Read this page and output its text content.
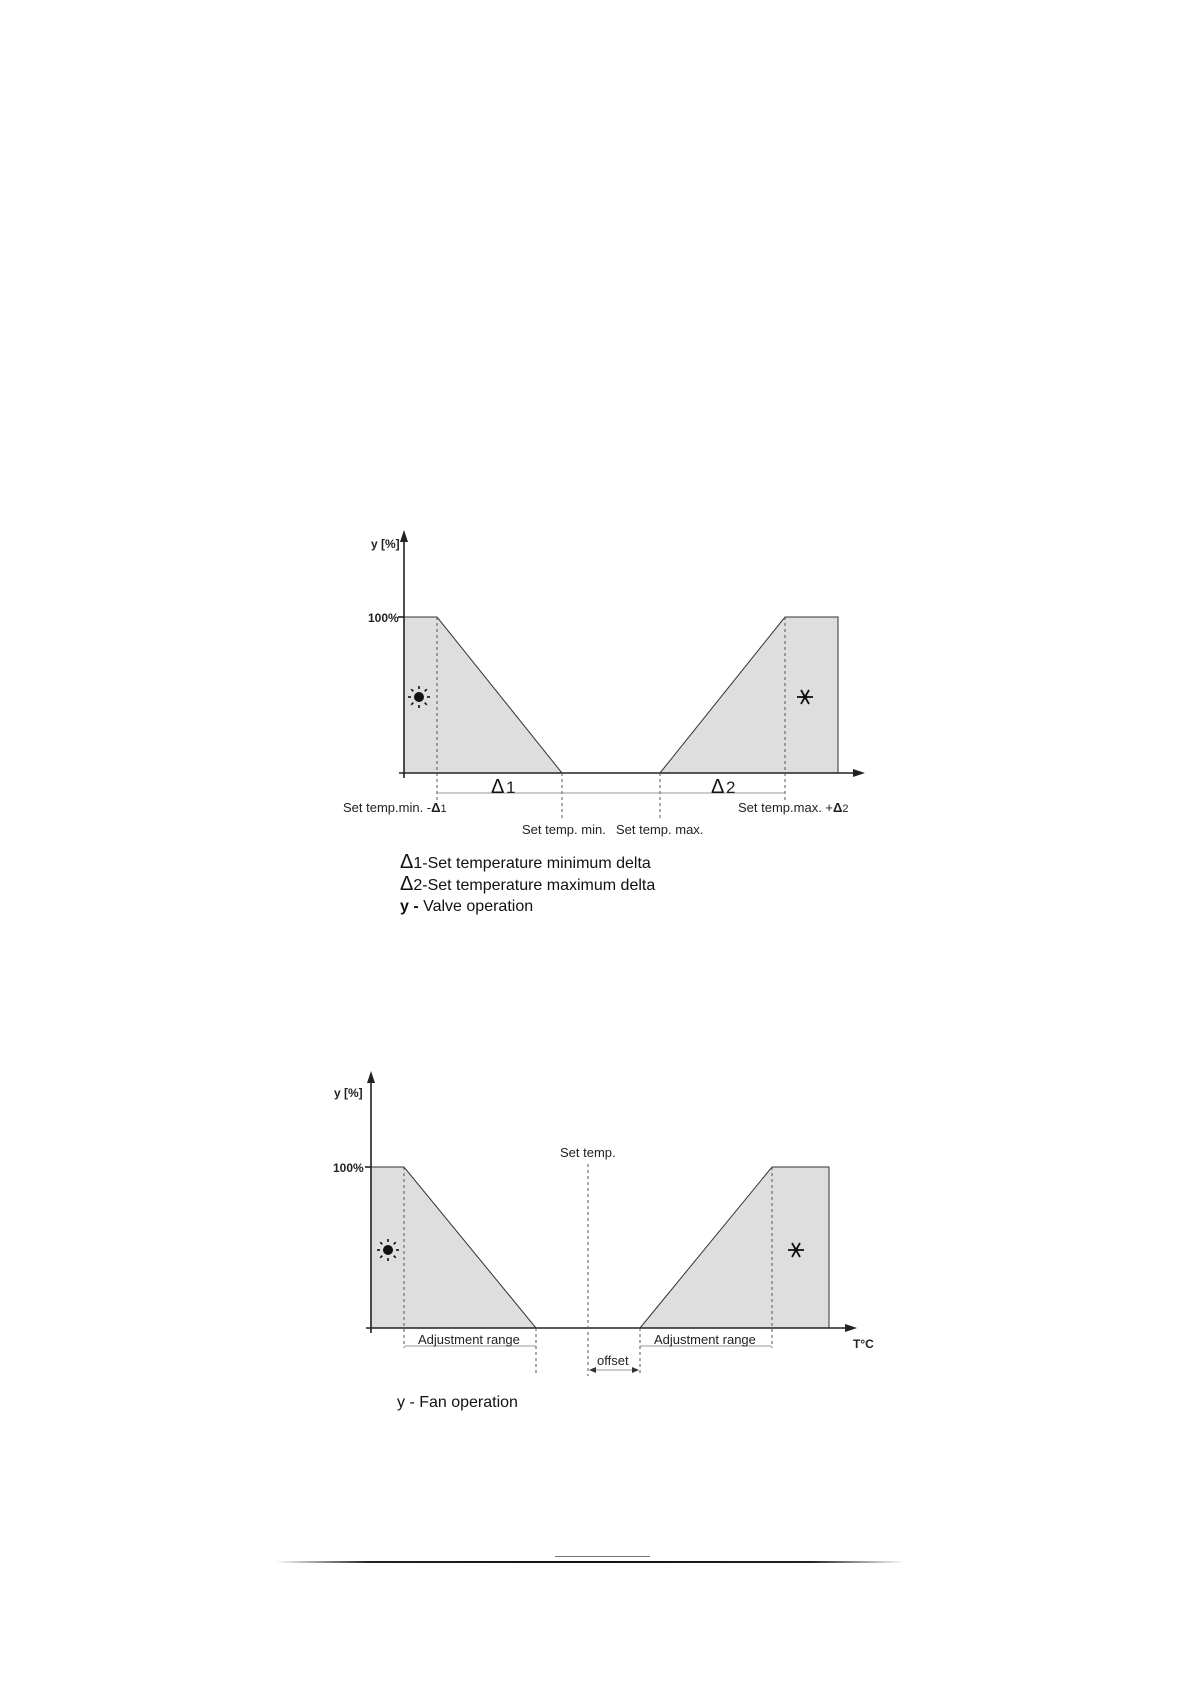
y [%]
100%
Δ 1	Δ 2
Set temp.min. -Δ1
Set temp. min. Set temp. max.
Set temp.max. +Δ2
Δ1-Set temperature minimum delta
Δ2-Set temperature maximum delta
y - Valve operation
y [%]
100%
T°C
Set temp.
Adjustment range	Adjustment range
offset
y - Fan operation
